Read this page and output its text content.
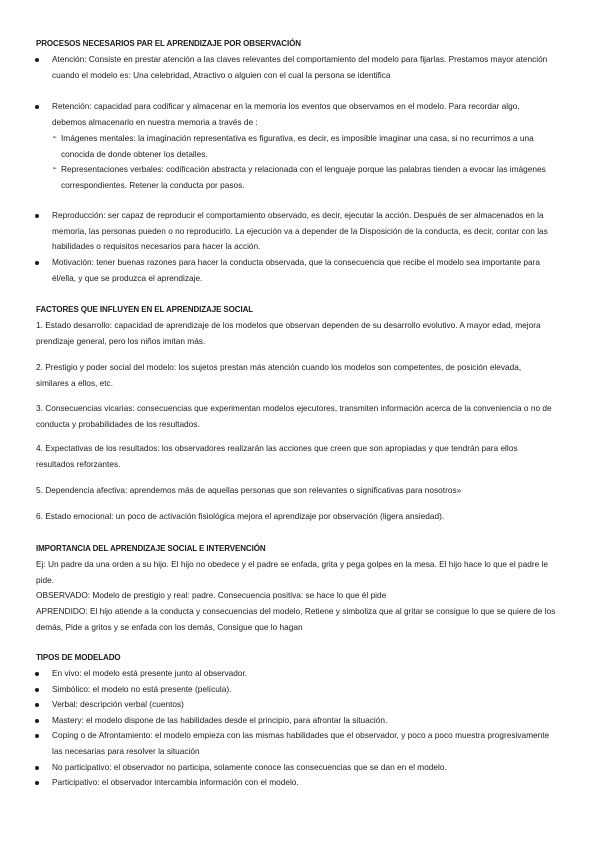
PROCESOS NECESARIOS PAR EL APRENDIZAJE POR OBSERVACIÓN
Atención: Consiste en prestar atención a las claves relevantes del comportamiento del modelo para fijarlas. Prestamos mayor atención cuando el modelo es: Una celebridad, Atractivo o alguien con el cual la persona se identifica
Retención: capacidad para codificar y almacenar en la memoria los eventos que observamos en el modelo. Para recordar algo, debemos almacenarlo en nuestra memoria a través de :
➢ Imágenes mentales: la imaginación representativa es figurativa, es decir, es imposible imaginar una casa, si no recurrimos a una conocida de donde obtener los detalles.
➢ Representaciones verbales: codificación abstracta y relacionada con el lenguaje porque las palabras tienden a evocar las imágenes correspondientes. Retener la conducta por pasos.
Reproducción: ser capaz de reproducir el comportamiento observado, es decir, ejecutar la acción. Después de ser almacenados en la memoria, las personas pueden o no reproducirlo. La ejecución va a depender de la Disposición de la conducta, es decir, contar con las habilidades o requisitos necesarios para hacer la acción.
Motivación: tener buenas razones para hacer la conducta observada, que la consecuencia que recibe el modelo sea importante para él/ella, y que se produzca el aprendizaje.
FACTORES QUE INFLUYEN EN EL APRENDIZAJE SOCIAL
1. Estado desarrollo: capacidad de aprendizaje de los modelos que observan dependen de su desarrollo evolutivo. A mayor edad, mejora prendizaje general, pero los niños imitan más.
2. Prestigio y poder social del modelo: los sujetos prestan más atención cuando los modelos son competentes, de posición elevada, similares a ellos, etc.
3. Consecuencias vicarias: consecuencias que experimentan modelos ejecutores, transmiten información acerca de la conveniencia o no de conducta y probabilidades de los resultados.
4. Expectativas de los resultados: los observadores realizarán las acciones que creen que son apropiadas y que tendrán para ellos resultados reforzantes.
5. Dependencia afectiva: aprendemos más de aquellas personas que son relevantes o significativas para nosotros»
6. Estado emocional: un poco de activación fisiológica mejora el aprendizaje por observación (ligera ansiedad).
IMPORTANCIA DEL APRENDIZAJE SOCIAL E INTERVENCIÓN
Ej: Un padre da una orden a su hijo. El hijo no obedece y el padre se enfada, grita y pega golpes en la mesa. El hijo hace lo que el padre le pide.
OBSERVADO: Modelo de prestigio y real: padre. Consecuencia positiva: se hace lo que él pide
APRENDIDO: El hijo atiende a la conducta y consecuencias del modelo, Retiene y simboliza que al gritar se consigue lo que se quiere de los demás, Pide a gritos y se enfada con los demás, Consigue que lo hagan
TIPOS DE MODELADO
En vivo: el modelo está presente junto al observador.
Simbólico: el modelo no está presente (película).
Verbal: descripción verbal (cuentos)
Mastery: el modelo dispone de las habilidades desde el principio, para afrontar la situación.
Coping o de Afrontamiento: el modelo empieza con las mismas habilidades que el observador, y poco a poco muestra progresivamente las necesarias para resolver la situación
No participativo: el observador no participa, solamente conoce las consecuencias que se dan en el modelo.
Participativo: el observador intercambia información con el modelo.
